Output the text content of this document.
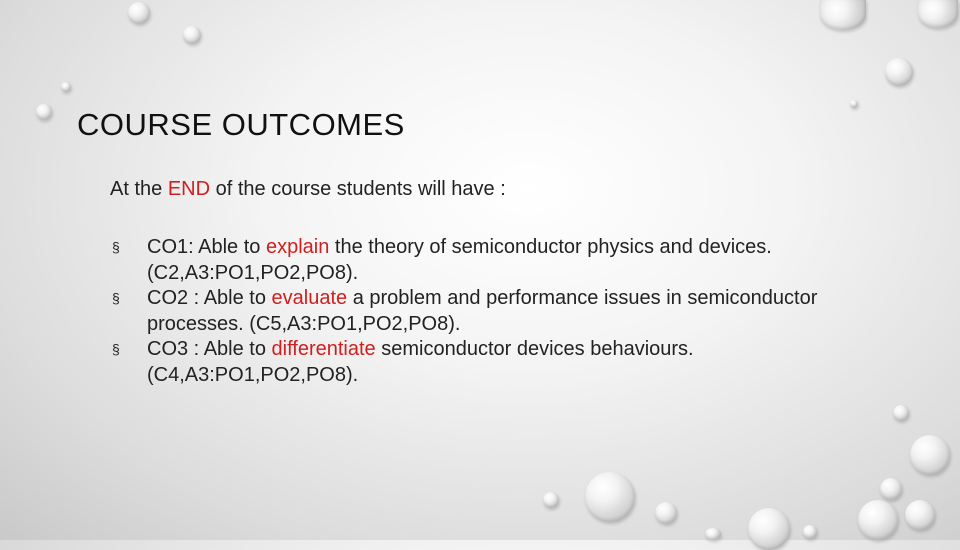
COURSE OUTCOMES

At the END of the course students will have :

§ CO1: Able to explain the theory of semiconductor physics and devices. (C2,A3:PO1,PO2,PO8).
§ CO2 : Able to evaluate a problem and performance issues in semiconductor processes. (C5,A3:PO1,PO2,PO8).
§ CO3 : Able to differentiate semiconductor devices behaviours. (C4,A3:PO1,PO2,PO8).
